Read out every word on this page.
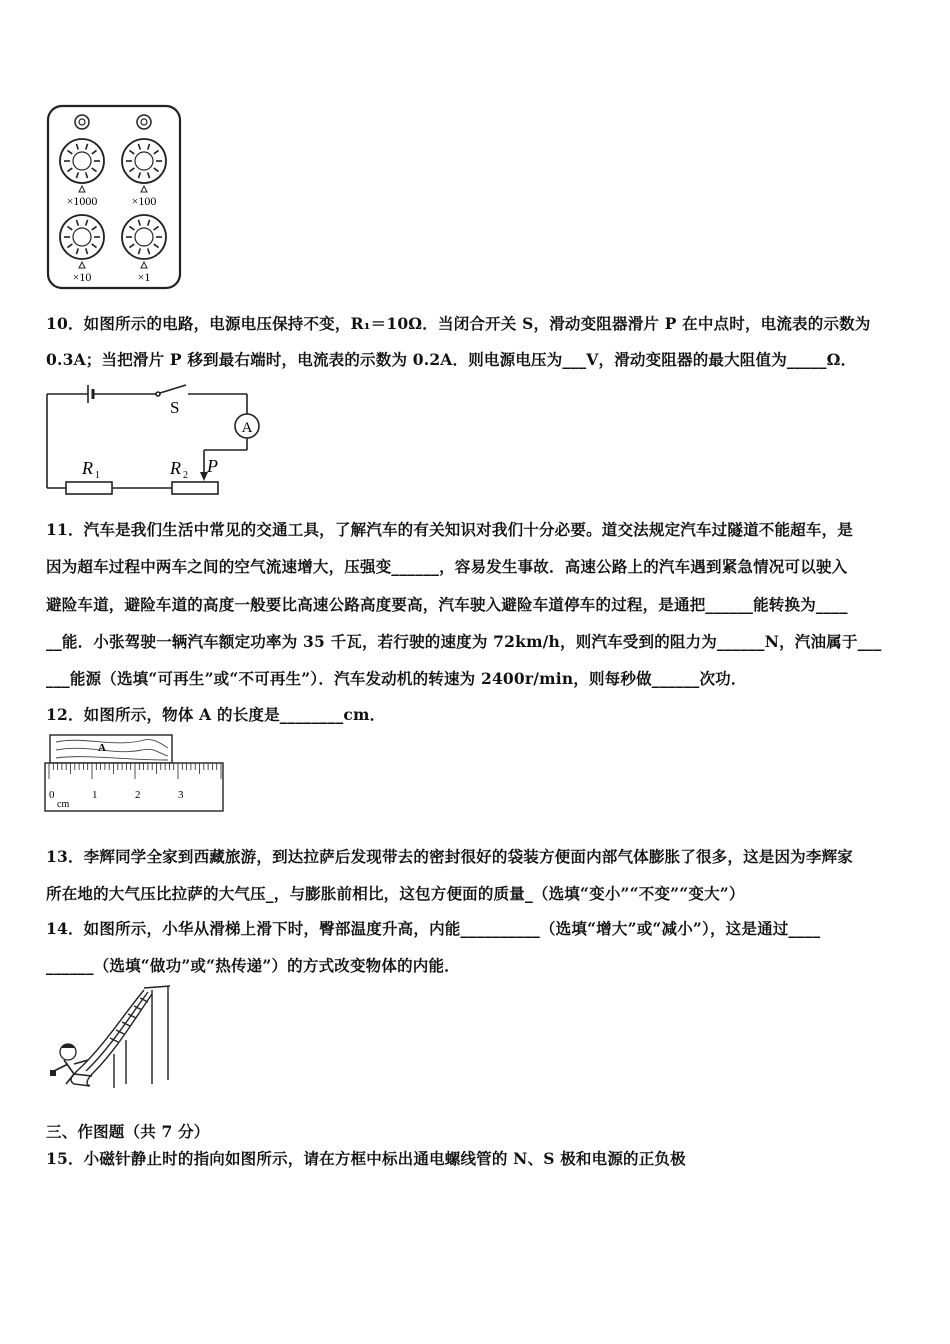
×1000	×100
×10	×1
10．如图所示的电路，电源电压保持不变，R₁＝10Ω．当闭合开关 S，滑动变阻器滑片 P 在中点时，电流表的示数为
0.3A；当把滑片 P 移到最右端时，电流表的示数为 0.2A．则电源电压为___V，滑动变阻器的最大阻值为_____Ω．
S
A
R 1	R 2 P
11．汽车是我们生活中常见的交通工具，了解汽车的有关知识对我们十分必要。道交法规定汽车过隧道不能超车，是
因为超车过程中两车之间的空气流速增大，压强变______，容易发生事故．高速公路上的汽车遇到紧急情况可以驶入
避险车道，避险车道的高度一般要比高速公路高度要高，汽车驶入避险车道停车的过程，是通把______能转换为____
__能．小张驾驶一辆汽车额定功率为 35 千瓦，若行驶的速度为 72km/h，则汽车受到的阻力为______N，汽油属于___
___能源（选填“可再生”或“不可再生”）．汽车发动机的转速为 2400r/min，则每秒做______次功．
12．如图所示，物体 A 的长度是________cm．
A
0	1	2	3
cm
13．李辉同学全家到西藏旅游，到达拉萨后发现带去的密封很好的袋装方便面内部气体膨胀了很多，这是因为李辉家
所在地的大气压比拉萨的大气压_，与膨胀前相比，这包方便面的质量_（选填“变小”“不变”“变大”）
14．如图所示，小华从滑梯上滑下时，臀部温度升高，内能__________（选填“增大”或“减小”），这是通过____
______（选填“做功”或“热传递”）的方式改变物体的内能．
三、作图题（共 7 分）
15．小磁针静止时的指向如图所示，请在方框中标出通电螺线管的 N、S 极和电源的正负极
